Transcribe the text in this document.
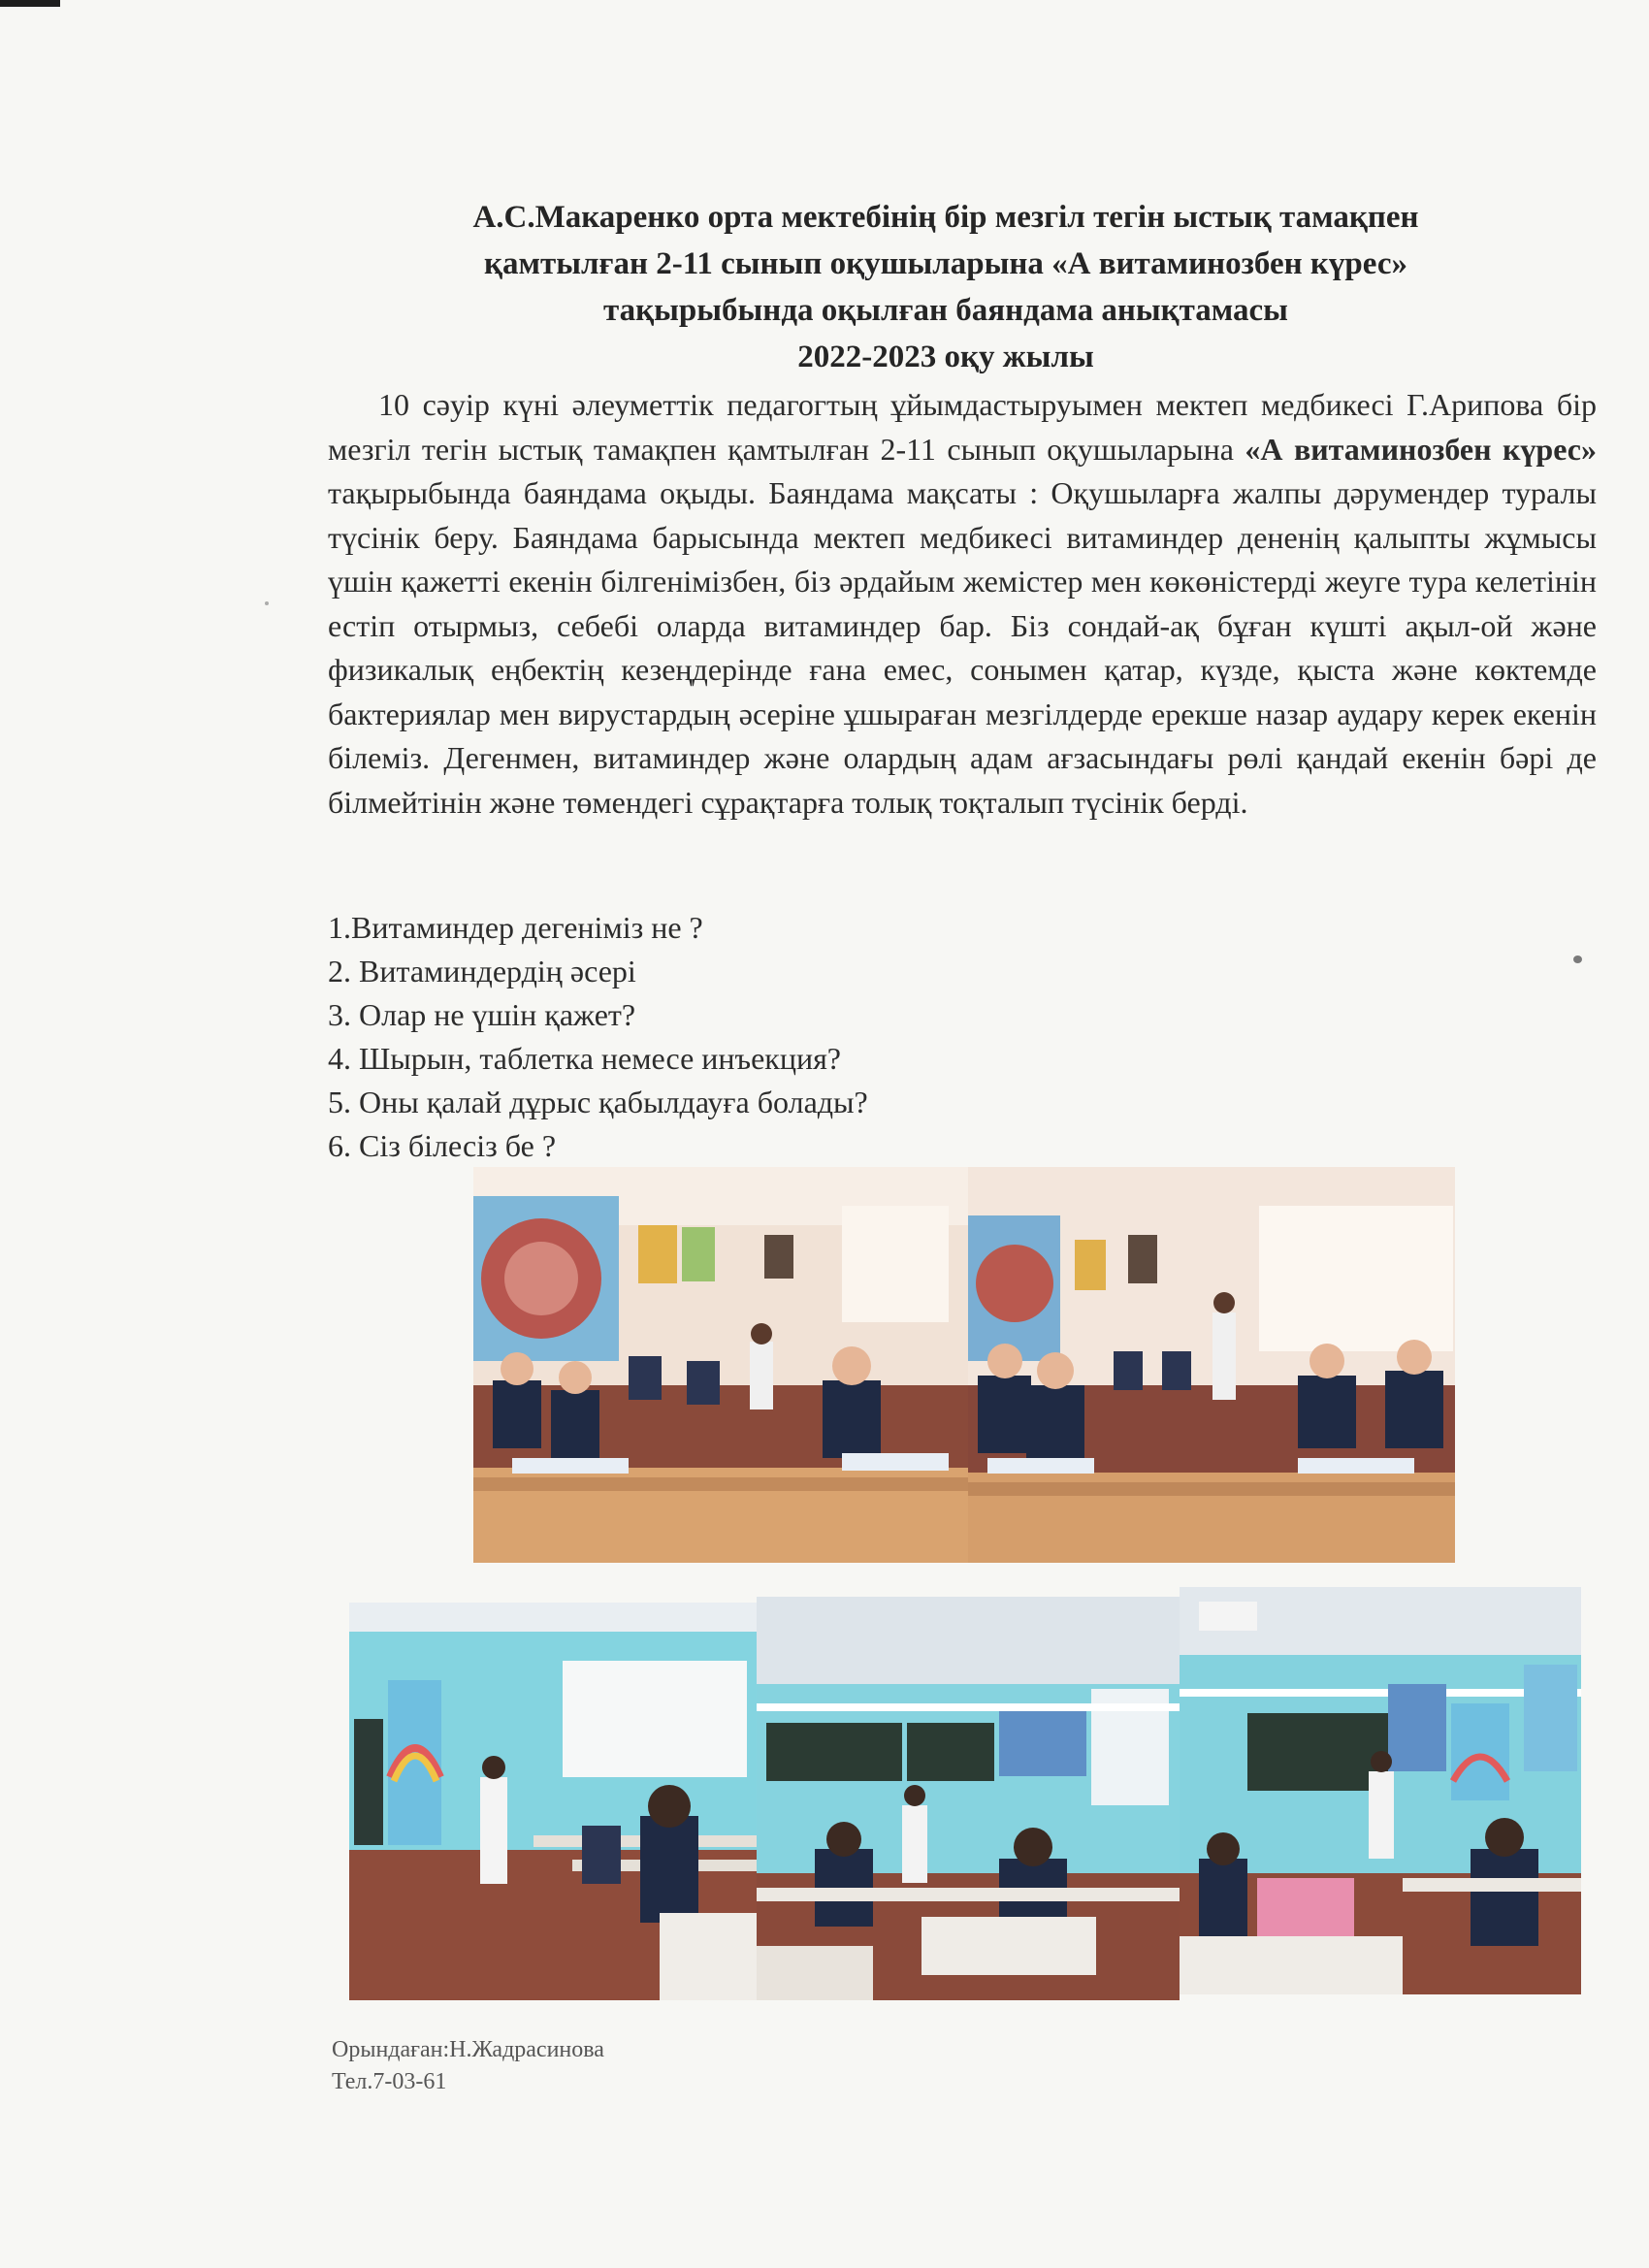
А.С.Макаренко орта мектебінің бір мезгіл тегін ыстық тамақпен
қамтылған 2-11 сынып оқушыларына «А витаминозбен күрес»
тақырыбында оқылған баяндама анықтамасы
2022-2023 оқу жылы
10 сәуір күні әлеуметтік педагогтың ұйымдастыруымен мектеп медбикесі Г.Арипова бір мезгіл тегін ыстық тамақпен қамтылған 2-11 сынып оқушыларына «А витаминозбен күрес» тақырыбында баяндама оқыды. Баяндама мақсаты : Оқушыларға жалпы дәрумендер туралы түсінік беру. Баяндама барысында мектеп медбикесі витаминдер дененің қалыпты жұмысы үшін қажетті екенін білгенімізбен, біз әрдайым жемістер мен көкөністерді жеуге тура келетінін естіп отырмыз, себебі оларда витаминдер бар. Біз сондай-ақ бұған күшті ақыл-ой және физикалық еңбектің кезеңдерінде ғана емес, сонымен қатар, күзде, қыста және көктемде бактериялар мен вирустардың әсеріне ұшыраған мезгілдерде ерекше назар аудару керек екенін білеміз. Дегенмен, витаминдер және олардың адам ағзасындағы рөлі қандай екенін бәрі де білмейтінін және төмендегі сұрақтарға толық тоқталып түсінік берді.
1.Витаминдер дегеніміз не ?
2. Витаминдердің әсері
3. Олар не үшін қажет?
4. Шырын, таблетка немесе инъекция?
5. Оны қалай дұрыс қабылдауға болады?
6. Сіз білесіз бе ?
Орындаған:Н.Жадрасинова
Тел.7-03-61
